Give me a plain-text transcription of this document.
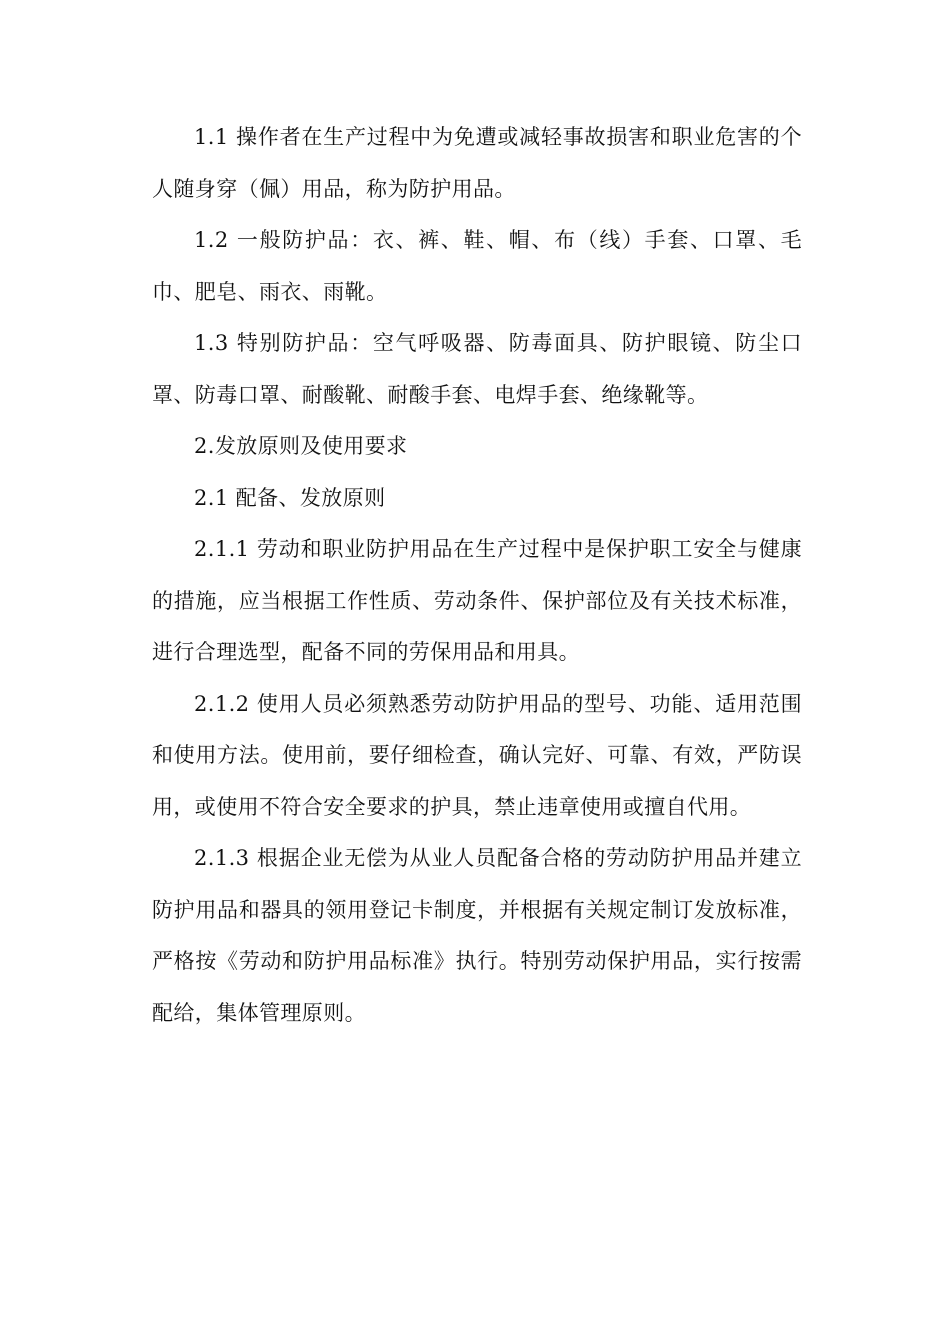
1.1 操作者在生产过程中为免遭或减轻事故损害和职业危害的个人随身穿（佩）用品，称为防护用品。

1.2 一般防护品：衣、裤、鞋、帽、布（线）手套、口罩、毛巾、肥皂、雨衣、雨靴。

1.3 特别防护品：空气呼吸器、防毒面具、防护眼镜、防尘口罩、防毒口罩、耐酸靴、耐酸手套、电焊手套、绝缘靴等。

2.发放原则及使用要求

2.1 配备、发放原则

2.1.1 劳动和职业防护用品在生产过程中是保护职工安全与健康的措施，应当根据工作性质、劳动条件、保护部位及有关技术标准，进行合理选型，配备不同的劳保用品和用具。

2.1.2 使用人员必须熟悉劳动防护用品的型号、功能、适用范围和使用方法。使用前，要仔细检查，确认完好、可靠、有效，严防误用，或使用不符合安全要求的护具，禁止违章使用或擅自代用。

2.1.3 根据企业无偿为从业人员配备合格的劳动防护用品并建立防护用品和器具的领用登记卡制度，并根据有关规定制订发放标准，严格按《劳动和防护用品标准》执行。特别劳动保护用品，实行按需配给，集体管理原则。
